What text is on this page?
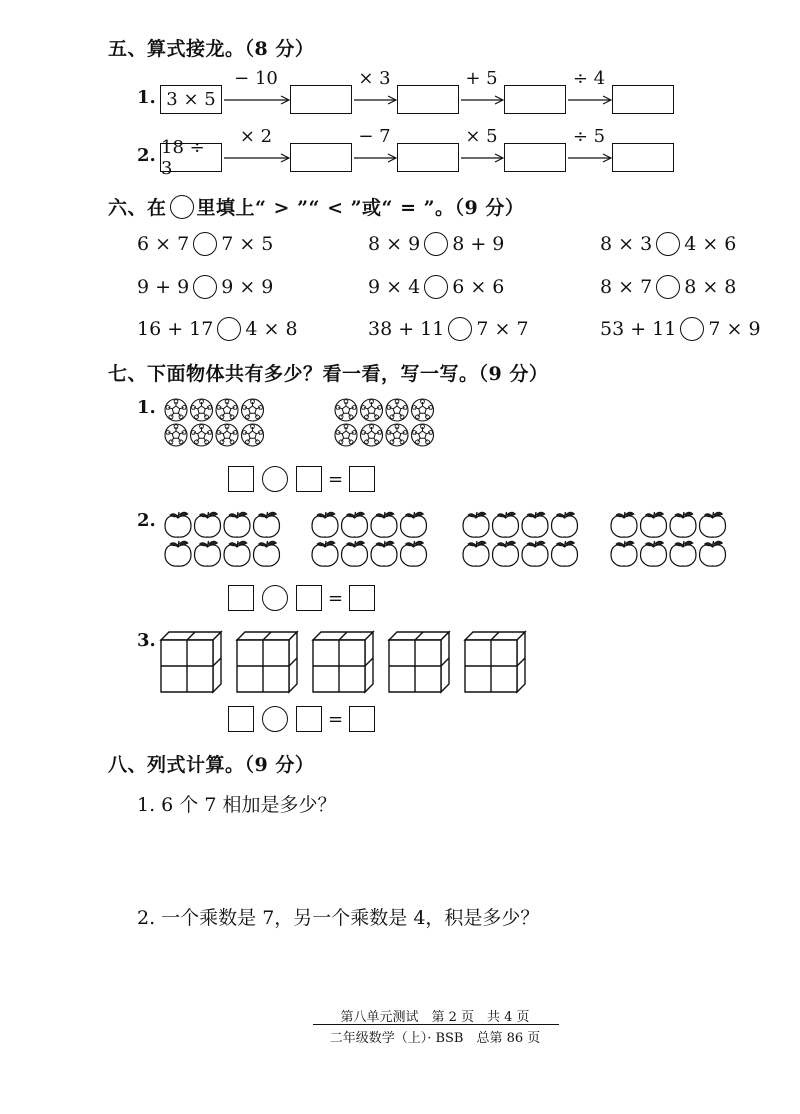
五、算式接龙。（8 分）
1. 3 × 5
− 10	× 3	+ 5	÷ 4
2. 18 ÷ 3
× 2	− 7	× 5	÷ 5
六、在 里填上“ > ”“ < ”或“ = ”。（9 分）
6 × 7 7 × 5	8 × 9 8 + 9	8 × 3 4 × 6
9 + 9 9 × 9	9 × 4 6 × 6	8 × 7 8 × 8
16 + 17 4 × 8	38 + 11 7 × 7	53 + 11 7 × 9
七、下面物体共有多少？看一看，写一写。（9 分）
1.
2.
3.
=
=
=
八、列式计算。（9 分）
1. 6 个 7 相加是多少？
2. 一个乘数是 7，另一个乘数是 4，积是多少？
第八单元测试　第 2 页　共 4 页
二年级数学（上）· BSB　总第 86 页
